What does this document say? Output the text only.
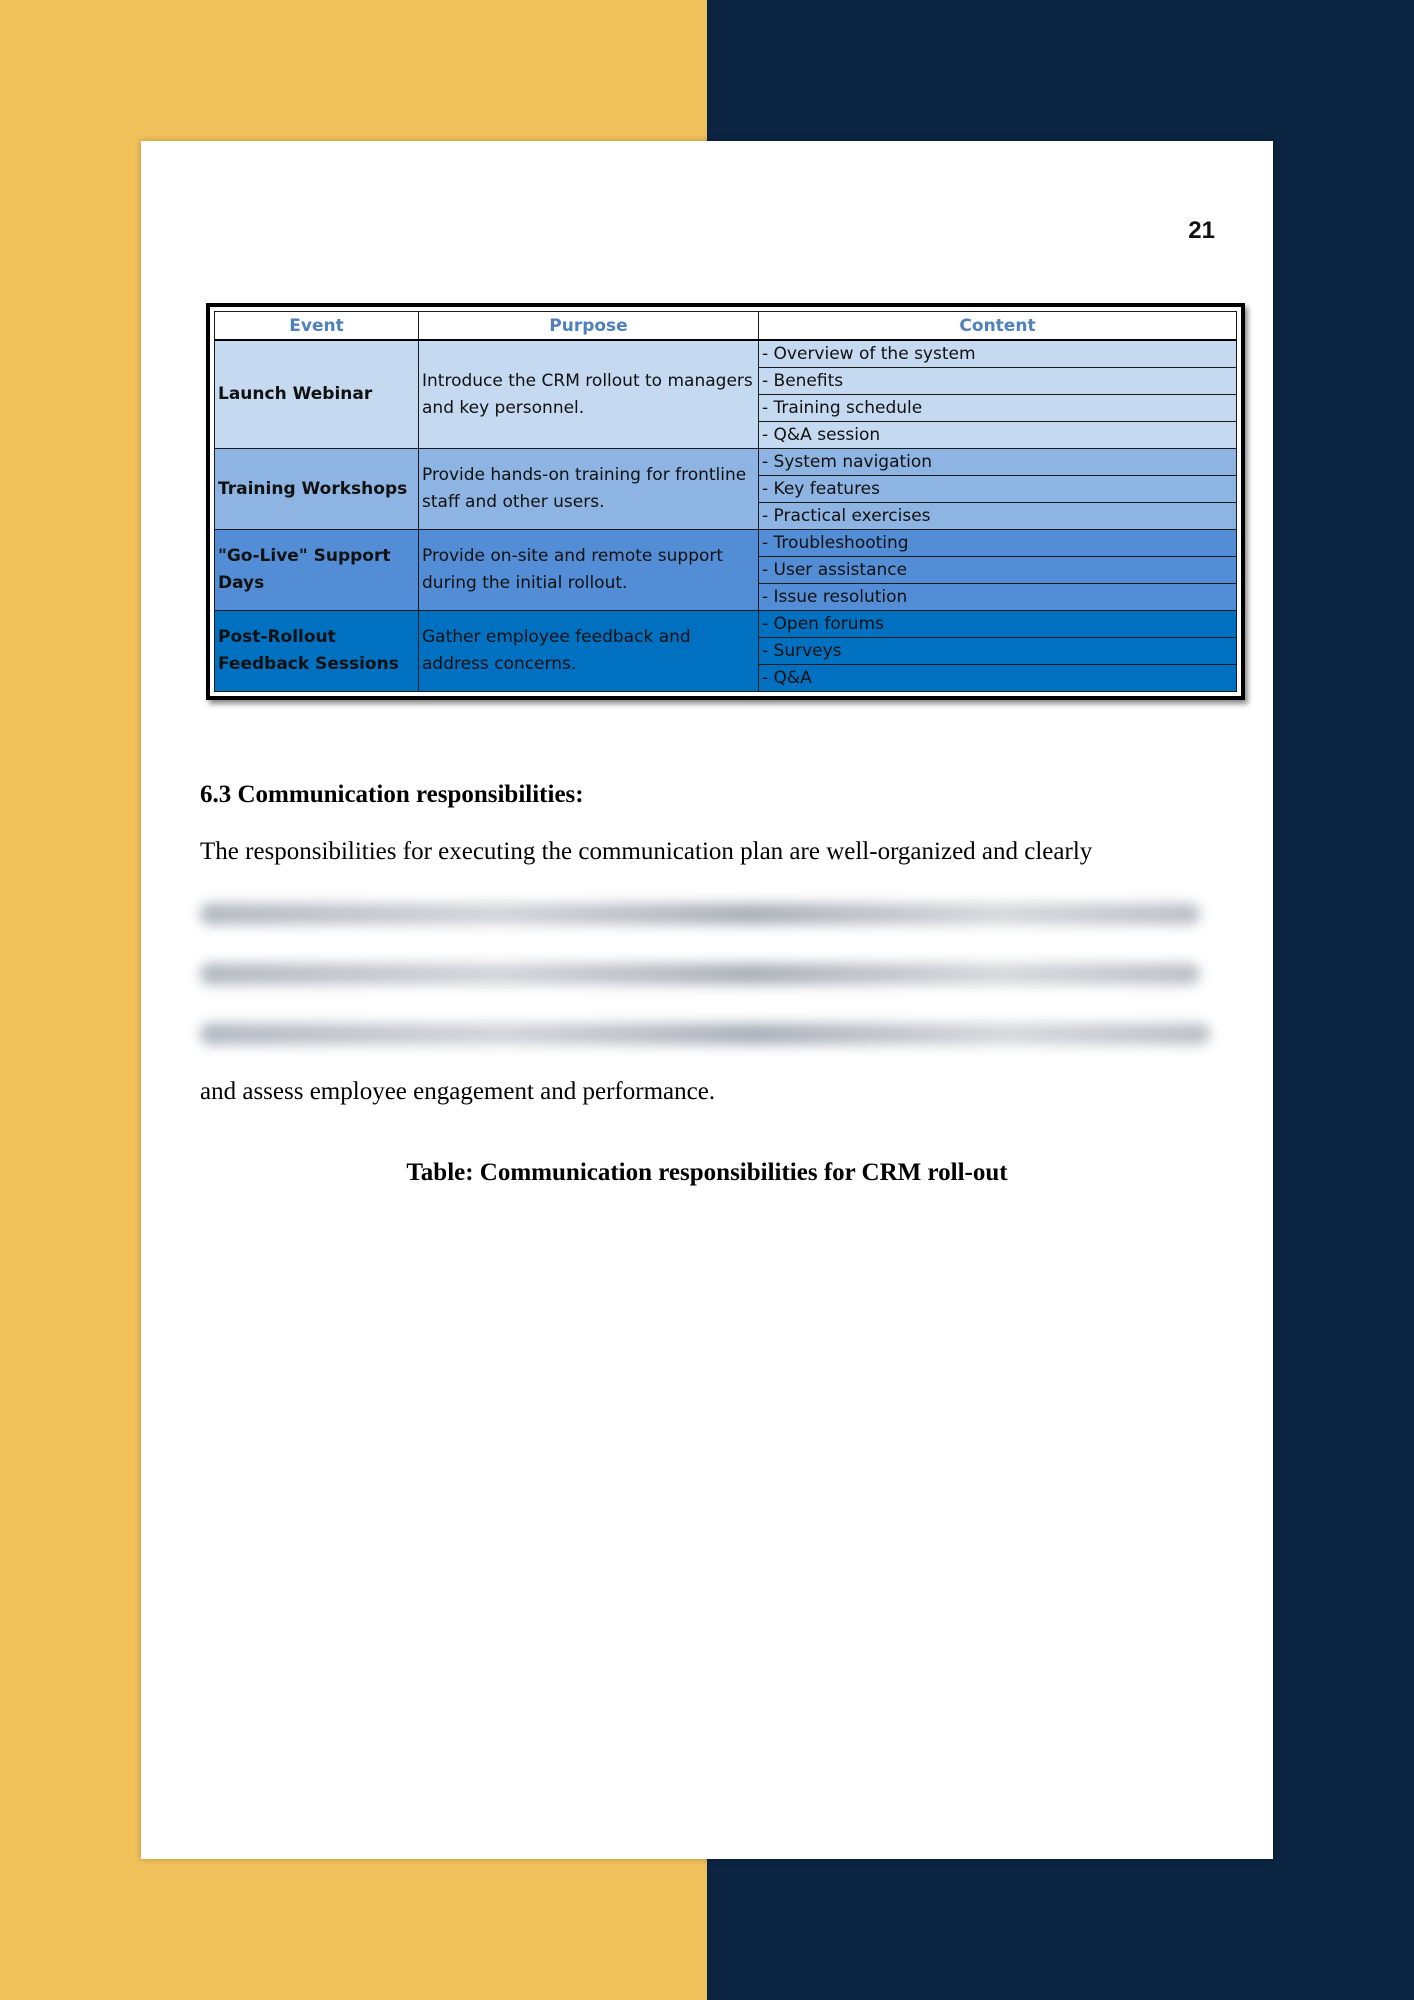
21
Event	Purpose	Content
Launch Webinar	Introduce the CRM rollout to managers and key personnel.	- Overview of the system
		- Benefits
		- Training schedule
		- Q&A session
Training Workshops	Provide hands-on training for frontline staff and other users.	- System navigation
		- Key features
		- Practical exercises
"Go-Live" Support Days	Provide on-site and remote support during the initial rollout.	- Troubleshooting
		- User assistance
		- Issue resolution
Post-Rollout Feedback Sessions	Gather employee feedback and address concerns.	- Open forums
		- Surveys
		- Q&A
6.3 Communication responsibilities:
The responsibilities for executing the communication plan are well-organized and clearly
and assess employee engagement and performance.
Table: Communication responsibilities for CRM roll-out
